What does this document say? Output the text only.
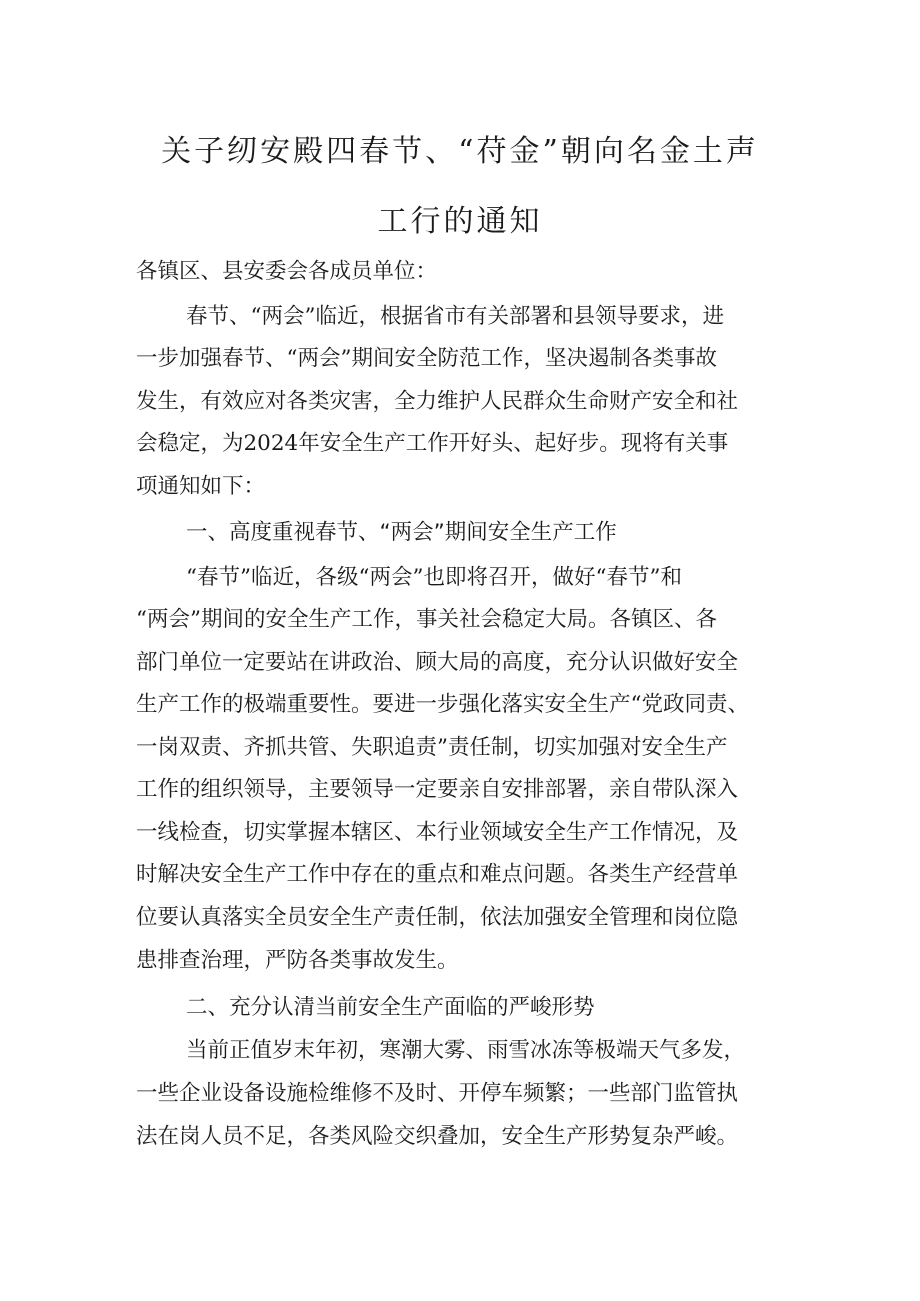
关子纫安殿四春节、“苻金”朝向名金土声
工行的通知
各镇区、县安委会各成员单位：
春节、“两会”临近，根据省市有关部署和县领导要求，进
一步加强春节、“两会”期间安全防范工作，坚决遏制各类事故
发生，有效应对各类灾害，全力维护人民群众生命财产安全和社
会稳定，为2024年安全生产工作开好头、起好步。现将有关事
项通知如下：
一、高度重视春节、“两会”期间安全生产工作
“春节”临近，各级“两会”也即将召开，做好“春节”和
“两会”期间的安全生产工作，事关社会稳定大局。各镇区、各
部门单位一定要站在讲政治、顾大局的高度，充分认识做好安全
生产工作的极端重要性。要进一步强化落实安全生产“党政同责、
一岗双责、齐抓共管、失职追责”责任制，切实加强对安全生产
工作的组织领导，主要领导一定要亲自安排部署，亲自带队深入
一线检查，切实掌握本辖区、本行业领域安全生产工作情况，及
时解决安全生产工作中存在的重点和难点问题。各类生产经营单
位要认真落实全员安全生产责任制，依法加强安全管理和岗位隐
患排查治理，严防各类事故发生。
二、充分认清当前安全生产面临的严峻形势
当前正值岁末年初，寒潮大雾、雨雪冰冻等极端天气多发，
一些企业设备设施检维修不及时、开停车频繁；一些部门监管执
法在岗人员不足，各类风险交织叠加，安全生产形势复杂严峻。
